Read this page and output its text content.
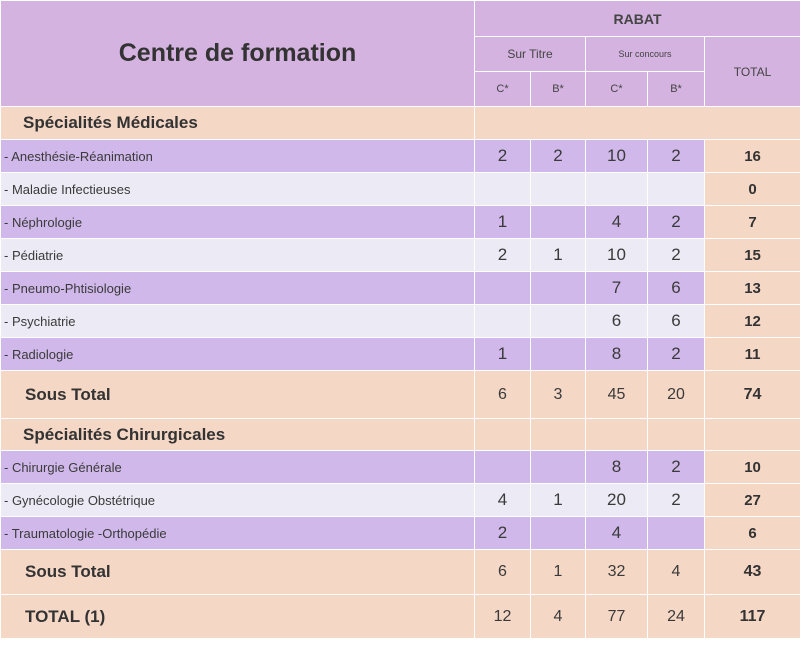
Centre de formation	RABAT				
	Sur Titre		Sur concours		TOTAL
	C*	B*	C*	B*	
Spécialités Médicales					
- Anesthésie-Réanimation	2	2	10	2	16
- Maladie Infectieuses					0
- Néphrologie	1		4	2	7
- Pédiatrie	2	1	10	2	15
- Pneumo-Phtisiologie			7	6	13
- Psychiatrie			6	6	12
- Radiologie	1		8	2	11
Sous Total	6	3	45	20	74
Spécialités Chirurgicales					
- Chirurgie Générale			8	2	10
- Gynécologie Obstétrique	4	1	20	2	27
- Traumatologie -Orthopédie	2		4		6
Sous Total	6	1	32	4	43
TOTAL (1)	12	4	77	24	117
